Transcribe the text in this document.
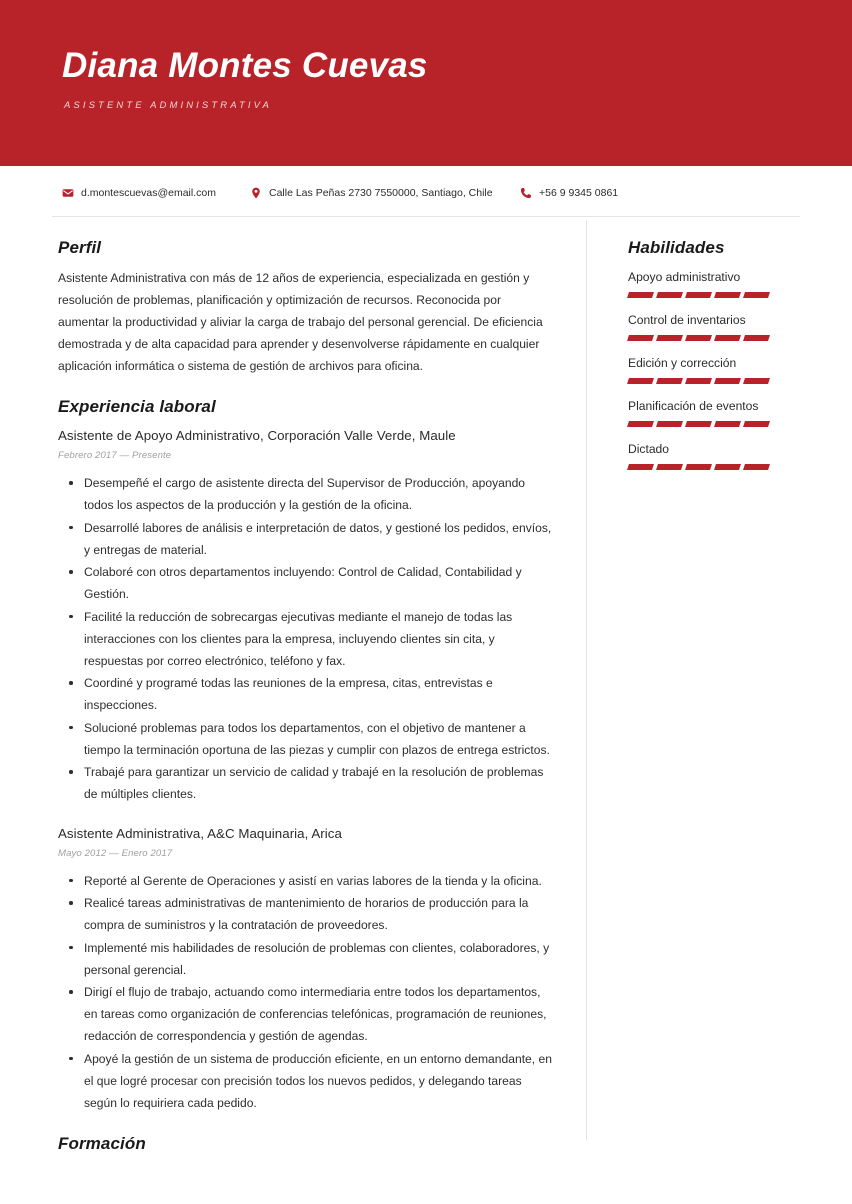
Diana Montes Cuevas
ASISTENTE ADMINISTRATIVA
d.montescuevas@email.com	Calle Las Peñas 2730 7550000, Santiago, Chile	+56 9 9345 0861
Perfil
Asistente Administrativa con más de 12 años de experiencia, especializada en gestión y resolución de problemas, planificación y optimización de recursos. Reconocida por aumentar la productividad y aliviar la carga de trabajo del personal gerencial. De eficiencia demostrada y de alta capacidad para aprender y desenvolverse rápidamente en cualquier aplicación informática o sistema de gestión de archivos para oficina.
Experiencia laboral
Asistente de Apoyo Administrativo, Corporación Valle Verde, Maule
Febrero 2017 — Presente
Desempeñé el cargo de asistente directa del Supervisor de Producción, apoyando todos los aspectos de la producción y la gestión de la oficina.
Desarrollé labores de análisis e interpretación de datos, y gestioné los pedidos, envíos, y entregas de material.
Colaboré con otros departamentos incluyendo: Control de Calidad, Contabilidad y Gestión.
Facilité la reducción de sobrecargas ejecutivas mediante el manejo de todas las interacciones con los clientes para la empresa, incluyendo clientes sin cita, y respuestas por correo electrónico, teléfono y fax.
Coordiné y programé todas las reuniones de la empresa, citas, entrevistas e inspecciones.
Solucioné problemas para todos los departamentos, con el objetivo de mantener a tiempo la terminación oportuna de las piezas y cumplir con plazos de entrega estrictos.
Trabajé para garantizar un servicio de calidad y trabajé en la resolución de problemas de múltiples clientes.
Asistente Administrativa, A&C Maquinaria, Arica
Mayo 2012 — Enero 2017
Reporté al Gerente de Operaciones y asistí en varias labores de la tienda y la oficina.
Realicé tareas administrativas de mantenimiento de horarios de producción para la compra de suministros y la contratación de proveedores.
Implementé mis habilidades de resolución de problemas con clientes, colaboradores, y personal gerencial.
Dirigí el flujo de trabajo, actuando como intermediaria entre todos los departamentos, en tareas como organización de conferencias telefónicas, programación de reuniones, redacción de correspondencia y gestión de agendas.
Apoyé la gestión de un sistema de producción eficiente, en un entorno demandante, en el que logré procesar con precisión todos los nuevos pedidos, y delegando tareas según lo requiriera cada pedido.
Formación
Habilidades
Apoyo administrativo
Control de inventarios
Edición y corrección
Planificación de eventos
Dictado
